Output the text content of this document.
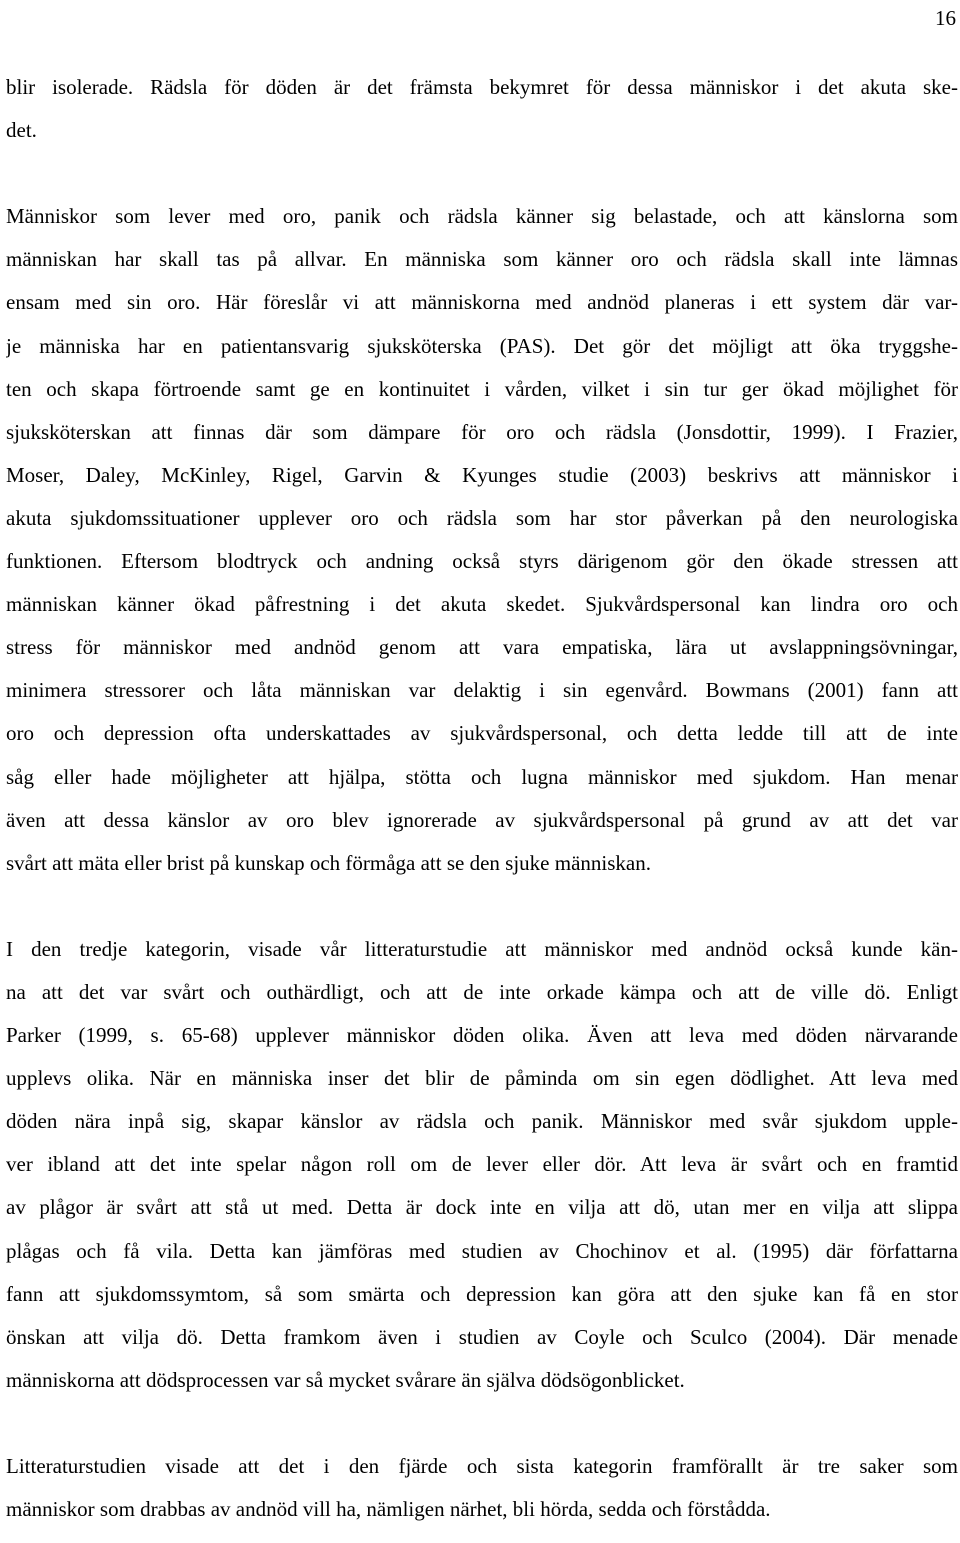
16
blir isolerade. Rädsla för döden är det främsta bekymret för dessa människor i det akuta ske-
det.
Människor som lever med oro, panik och rädsla känner sig belastade, och att känslorna som
människan har skall tas på allvar. En människa som känner oro och rädsla skall inte lämnas
ensam med sin oro. Här föreslår vi att människorna med andnöd planeras i ett system där var-
je människa har en patientansvarig sjuksköterska (PAS). Det gör det möjligt att öka tryggshe-
ten och skapa förtroende samt ge en kontinuitet i vården, vilket i sin tur ger ökad möjlighet för
sjuksköterskan att finnas där som dämpare för oro och rädsla (Jonsdottir, 1999). I Frazier,
Moser, Daley, McKinley, Rigel, Garvin & Kyunges studie (2003) beskrivs att människor i
akuta sjukdomssituationer upplever oro och rädsla som har stor påverkan på den neurologiska
funktionen. Eftersom blodtryck och andning också styrs därigenom gör den ökade stressen att
människan känner ökad påfrestning i det akuta skedet. Sjukvårdspersonal kan lindra oro och
stress för människor med andnöd genom att vara empatiska, lära ut avslappningsövningar,
minimera stressorer och låta människan var delaktig i sin egenvård. Bowmans (2001) fann att
oro och depression ofta underskattades av sjukvårdspersonal, och detta ledde till att de inte
såg eller hade möjligheter att hjälpa, stötta och lugna människor med sjukdom. Han menar
även att dessa känslor av oro blev ignorerade av sjukvårdspersonal på grund av att det var
svårt att mäta eller brist på kunskap och förmåga att se den sjuke människan.
I den tredje kategorin, visade vår litteraturstudie att människor med andnöd också kunde kän-
na att det var svårt och outhärdligt, och att de inte orkade kämpa och att de ville dö. Enligt
Parker (1999, s. 65-68) upplever människor döden olika. Även att leva med döden närvarande
upplevs olika. När en människa inser det blir de påminda om sin egen dödlighet. Att leva med
döden nära inpå sig, skapar känslor av rädsla och panik. Människor med svår sjukdom upple-
ver ibland att det inte spelar någon roll om de lever eller dör. Att leva är svårt och en framtid
av plågor är svårt att stå ut med. Detta är dock inte en vilja att dö, utan mer en vilja att slippa
plågas och få vila. Detta kan jämföras med studien av Chochinov et al. (1995) där författarna
fann att sjukdomssymtom, så som smärta och depression kan göra att den sjuke kan få en stor
önskan att vilja dö. Detta framkom även i studien av Coyle och Sculco (2004). Där menade
människorna att dödsprocessen var så mycket svårare än själva dödsögonblicket.
Litteraturstudien visade att det i den fjärde och sista kategorin framförallt är tre saker som
människor som drabbas av andnöd vill ha, nämligen närhet, bli hörda, sedda och förstådda.
